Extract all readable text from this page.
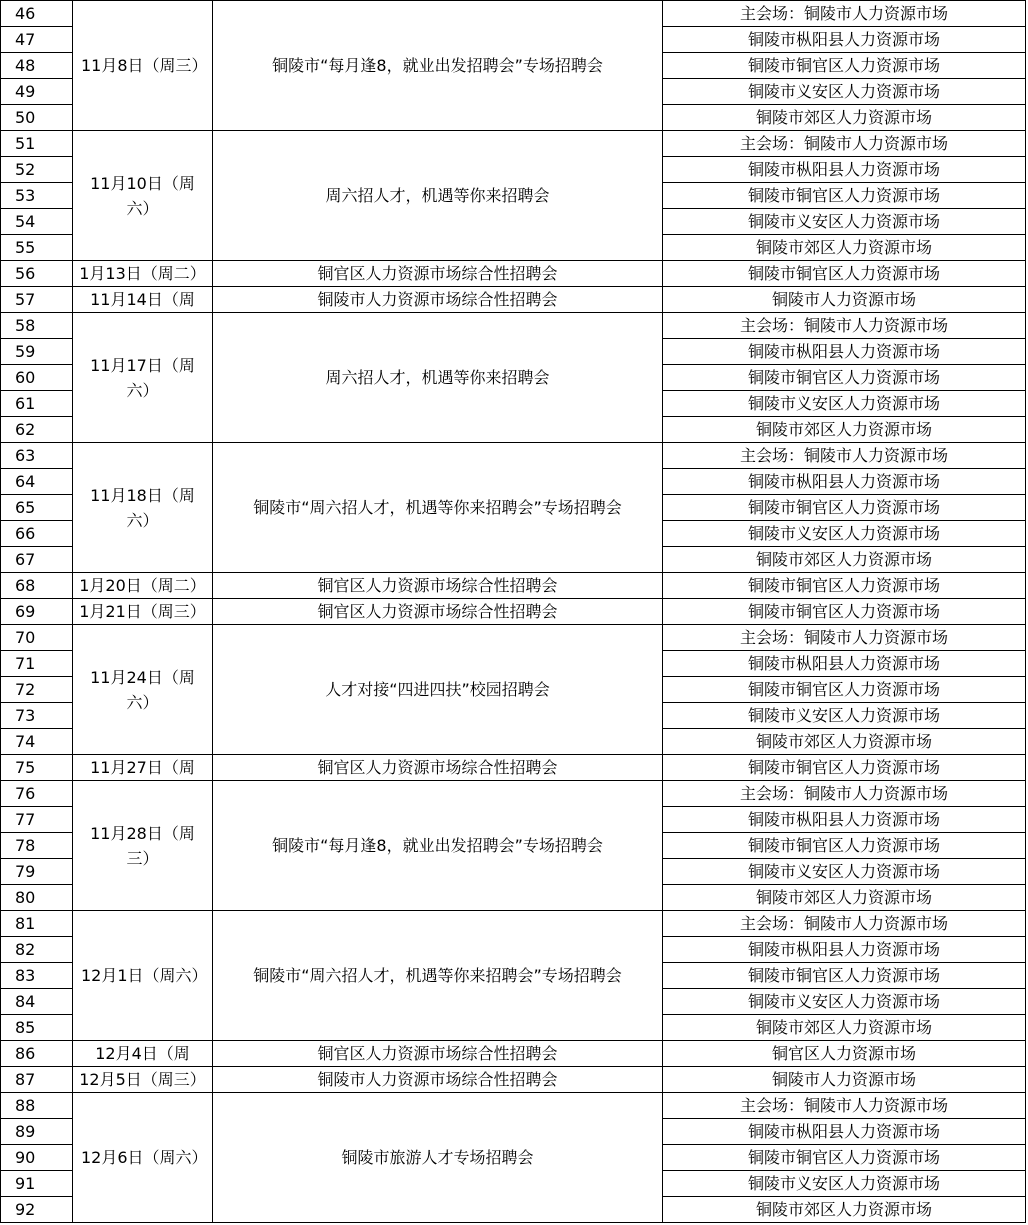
46	11月8日（周三）	铜陵市“每月逢8，就业出发招聘会”专场招聘会	主会场：铜陵市人力资源市场
47			铜陵市枞阳县人力资源市场
48			铜陵市铜官区人力资源市场
49			铜陵市义安区人力资源市场
50			铜陵市郊区人力资源市场
51	11月10日（周六）	周六招人才，机遇等你来招聘会	主会场：铜陵市人力资源市场
52			铜陵市枞阳县人力资源市场
53			铜陵市铜官区人力资源市场
54			铜陵市义安区人力资源市场
55			铜陵市郊区人力资源市场
56	1月13日（周二）	铜官区人力资源市场综合性招聘会	铜陵市铜官区人力资源市场
57	11月14日（周	铜陵市人力资源市场综合性招聘会	铜陵市人力资源市场
58	11月17日（周六）	周六招人才，机遇等你来招聘会	主会场：铜陵市人力资源市场
59			铜陵市枞阳县人力资源市场
60			铜陵市铜官区人力资源市场
61			铜陵市义安区人力资源市场
62			铜陵市郊区人力资源市场
63	11月18日（周六）	铜陵市“周六招人才，机遇等你来招聘会”专场招聘会	主会场：铜陵市人力资源市场
64			铜陵市枞阳县人力资源市场
65			铜陵市铜官区人力资源市场
66			铜陵市义安区人力资源市场
67			铜陵市郊区人力资源市场
68	1月20日（周二）	铜官区人力资源市场综合性招聘会	铜陵市铜官区人力资源市场
69	1月21日（周三）	铜官区人力资源市场综合性招聘会	铜陵市铜官区人力资源市场
70	11月24日（周六）	人才对接“四进四扶”校园招聘会	主会场：铜陵市人力资源市场
71			铜陵市枞阳县人力资源市场
72			铜陵市铜官区人力资源市场
73			铜陵市义安区人力资源市场
74			铜陵市郊区人力资源市场
75	11月27日（周	铜官区人力资源市场综合性招聘会	铜陵市铜官区人力资源市场
76	11月28日（周三）	铜陵市“每月逢8，就业出发招聘会”专场招聘会	主会场：铜陵市人力资源市场
77			铜陵市枞阳县人力资源市场
78			铜陵市铜官区人力资源市场
79			铜陵市义安区人力资源市场
80			铜陵市郊区人力资源市场
81	12月1日（周六）	铜陵市“周六招人才，机遇等你来招聘会”专场招聘会	主会场：铜陵市人力资源市场
82			铜陵市枞阳县人力资源市场
83			铜陵市铜官区人力资源市场
84			铜陵市义安区人力资源市场
85			铜陵市郊区人力资源市场
86	12月4日（周	铜官区人力资源市场综合性招聘会	铜官区人力资源市场
87	12月5日（周三）	铜陵市人力资源市场综合性招聘会	铜陵市人力资源市场
88	12月6日（周六）	铜陵市旅游人才专场招聘会	主会场：铜陵市人力资源市场
89			铜陵市枞阳县人力资源市场
90			铜陵市铜官区人力资源市场
91			铜陵市义安区人力资源市场
92			铜陵市郊区人力资源市场
